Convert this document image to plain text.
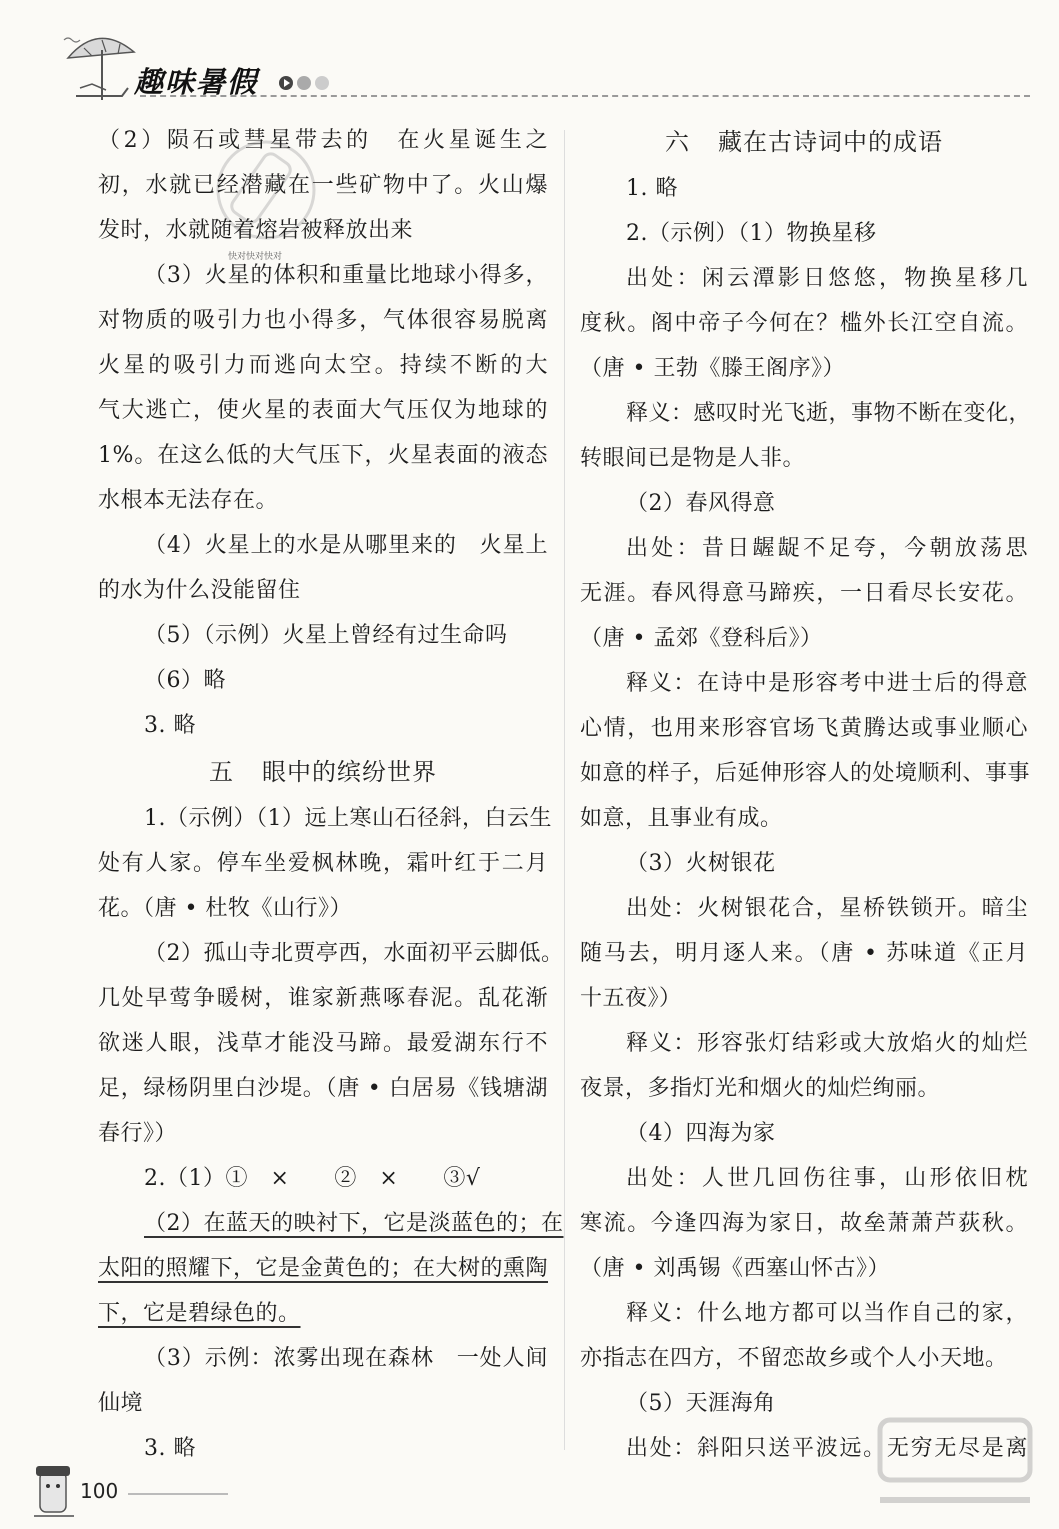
趣味暑假
快对快对快对
（2）陨石或彗星带去的　在火星诞生之
初，水就已经潜藏在一些矿物中了。火山爆
发时，水就随着熔岩被释放出来
（3）火星的体积和重量比地球小得多，
对物质的吸引力也小得多，气体很容易脱离
火星的吸引力而逃向太空。持续不断的大
气大逃亡，使火星的表面大气压仅为地球的
1%。在这么低的大气压下，火星表面的液态
水根本无法存在。
（4）火星上的水是从哪里来的　火星上
的水为什么没能留住
（5）（示例）火星上曾经有过生命吗
（6）略
3. 略
五 眼中的缤纷世界
1.（示例）（1）远上寒山石径斜，白云生
处有人家。停车坐爱枫林晚，霜叶红于二月
花。（唐 • 杜牧《山行》）
（2）孤山寺北贾亭西，水面初平云脚低。
几处早莺争暖树，谁家新燕啄春泥。乱花渐
欲迷人眼，浅草才能没马蹄。最爱湖东行不
足，绿杨阴里白沙堤。（唐 • 白居易《钱塘湖
春行》）
2.（1）①　×　　②　×　　③√
（2）在蓝天的映衬下，它是淡蓝色的；在
太阳的照耀下，它是金黄色的；在大树的熏陶
下，它是碧绿色的。
（3）示例：浓雾出现在森林　一处人间
仙境
3. 略
六 藏在古诗词中的成语
1. 略
2.（示例）（1）物换星移
出处：闲云潭影日悠悠，物换星移几
度秋。阁中帝子今何在？槛外长江空自流。
（唐 • 王勃《滕王阁序》）
释义：感叹时光飞逝，事物不断在变化，
转眼间已是物是人非。
（2）春风得意
出处：昔日龌龊不足夸，今朝放荡思
无涯。春风得意马蹄疾，一日看尽长安花。
（唐 • 孟郊《登科后》）
释义：在诗中是形容考中进士后的得意
心情，也用来形容官场飞黄腾达或事业顺心
如意的样子，后延伸形容人的处境顺利、事事
如意，且事业有成。
（3）火树银花
出处：火树银花合，星桥铁锁开。暗尘
随马去，明月逐人来。（唐 • 苏味道《正月
十五夜》）
释义：形容张灯结彩或大放焰火的灿烂
夜景，多指灯光和烟火的灿烂绚丽。
（4）四海为家
出处：人世几回伤往事，山形依旧枕
寒流。今逢四海为家日，故垒萧萧芦荻秋。
（唐 • 刘禹锡《西塞山怀古》）
释义：什么地方都可以当作自己的家，
亦指志在四方，不留恋故乡或个人小天地。
（5）天涯海角
出处：斜阳只送平波远。无穷无尽是离
100
